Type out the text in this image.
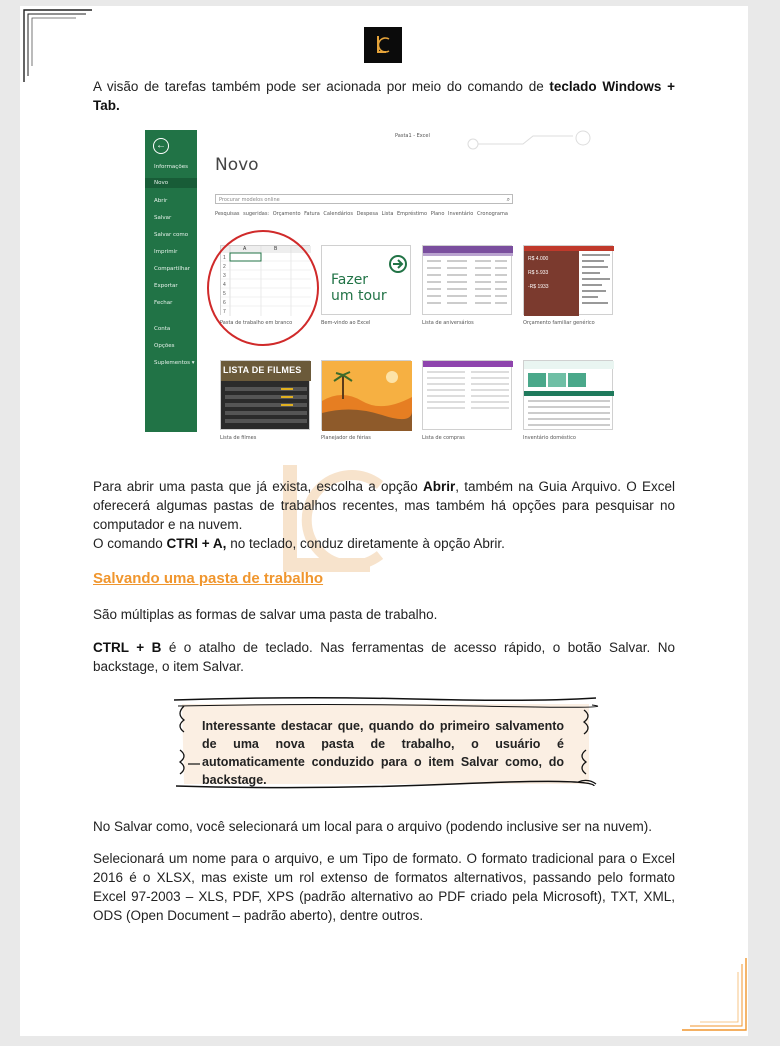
A visão de tarefas também pode ser acionada por meio do comando de teclado Windows + Tab.
←
Informações
Novo
Abrir
Salvar
Salvar como
Imprimir
Compartilhar
Exportar
Fechar
Conta
Opções
Suplementos ▾
Pasta1 - Excel
Novo
Procurar modelos online	⌕
Pesquisas sugeridas: Orçamento Fatura Calendários Despesa Lista Empréstimo Plano Inventário Cronograma
A	B
1
2
3
4
5
6
7
Pasta de trabalho em branco
Fazer
um tour
Bem-vindo ao Excel	Lista de aniversários
R$ 4.000
R$ 5.933
-R$ 1933
Orçamento familiar genérico
LISTA DE FILMES
Lista de filmes	Planejador de férias	Lista de compras	Inventário doméstico
Para abrir uma pasta que já exista, escolha a opção Abrir, também na Guia Arquivo. O Excel oferecerá algumas pastas de trabalhos recentes, mas também há opções para pesquisar no computador e na nuvem.
O comando CTRl + A, no teclado, conduz diretamente à opção Abrir.
Salvando uma pasta de trabalho
São múltiplas as formas de salvar uma pasta de trabalho.
CTRL + B é o atalho de teclado. Nas ferramentas de acesso rápido, o botão Salvar. No backstage, o item Salvar.
Interessante destacar que, quando do primeiro salvamento de uma nova pasta de trabalho, o usuário é automaticamente conduzido para o item Salvar como, do backstage.
No Salvar como, você selecionará um local para o arquivo (podendo inclusive ser na nuvem).
Selecionará um nome para o arquivo, e um Tipo de formato. O formato tradicional para o Excel 2016 é o XLSX, mas existe um rol extenso de formatos alternativos, passando pelo formato Excel 97-2003 – XLS, PDF, XPS (padrão alternativo ao PDF criado pela Microsoft), TXT, XML, ODS (Open Document – padrão aberto), dentre outros.
